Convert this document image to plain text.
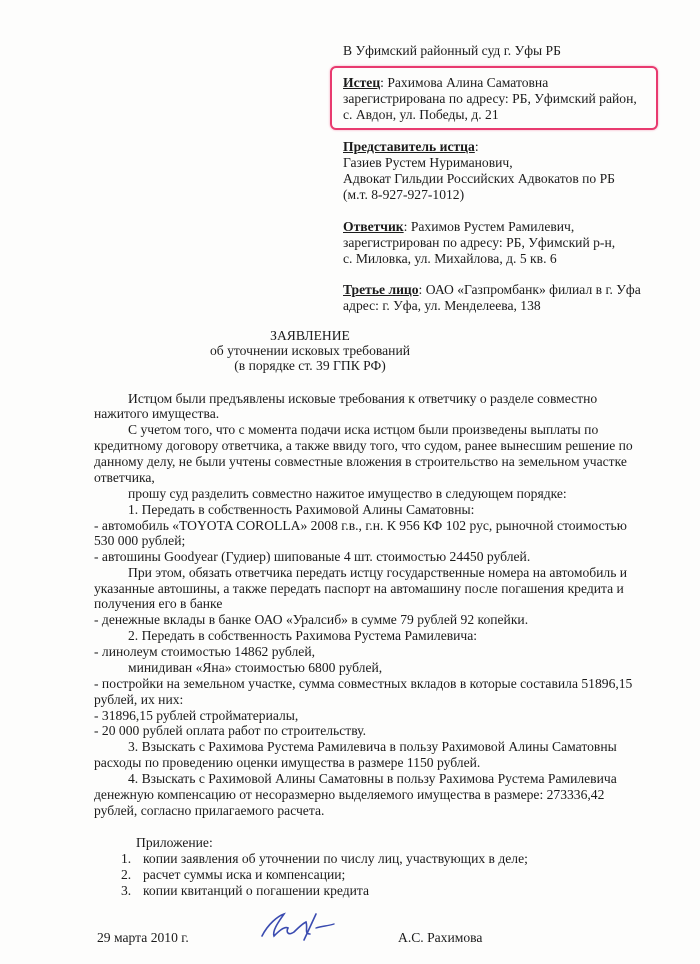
В Уфимский районный суд г. Уфы РБ
Истец: Рахимова Алина Саматовна
зарегистрирована по адресу: РБ, Уфимский район,
с. Авдон, ул. Победы, д. 21
Представитель истца:
Газиев Рустем Нуриманович,
Адвокат Гильдии Российских Адвокатов по РБ
(м.т. 8-927-927-1012)
Ответчик: Рахимов Рустем Рамилевич,
зарегистрирован по адресу: РБ, Уфимский р-н,
с. Миловка, ул. Михайлова, д. 5 кв. 6
Третье лицо: ОАО «Газпромбанк» филиал в г. Уфа
адрес: г. Уфа, ул. Менделеева, 138
ЗАЯВЛЕНИЕ
об уточнении исковых требований
(в порядке ст. 39 ГПК РФ)
Истцом были предъявлены исковые требования к ответчику о разделе совместно
нажитого имущества.
С учетом того, что с момента подачи иска истцом были произведены выплаты по
кредитному договору ответчика, а также ввиду того, что судом, ранее вынесшим решение по
данному делу, не были учтены совместные вложения в строительство на земельном участке
ответчика,
прошу суд разделить совместно нажитое имущество в следующем порядке:
1. Передать в собственность Рахимовой Алины Саматовны:
- автомобиль «TOYOTA COROLLA» 2008 г.в., г.н. К 956 КФ 102 рус, рыночной стоимостью
530 000 рублей;
- автошины Goodyear (Гудиер) шипованые 4 шт. стоимостью 24450 рублей.
При этом, обязать ответчика передать истцу государственные номера на автомобиль и
указанные автошины, а также передать паспорт на автомашину после погашения кредита и
получения его в банке
- денежные вклады в банке ОАО «Уралсиб» в сумме 79 рублей 92 копейки.
2. Передать в собственность Рахимова Рустема Рамилевича:
- линолеум стоимостью 14862 рублей,
минидиван «Яна» стоимостью 6800 рублей,
- постройки на земельном участке, сумма совместных вкладов в которые составила 51896,15
рублей, их них:
- 31896,15 рублей стройматериалы,
- 20 000 рублей оплата работ по строительству.
3. Взыскать с Рахимова Рустема Рамилевича в пользу Рахимовой Алины Саматовны
расходы по проведению оценки имущества в размере 1150 рублей.
4. Взыскать с Рахимовой Алины Саматовны в пользу Рахимова Рустема Рамилевича
денежную компенсацию от несоразмерно выделяемого имущества в размере: 273336,42
рублей, согласно прилагаемого расчета.
Приложение:
1. копии заявления об уточнении по числу лиц, участвующих в деле;
2. расчет суммы иска и компенсации;
3. копии квитанций о погашении кредита
29 марта 2010 г.	А.С. Рахимова
